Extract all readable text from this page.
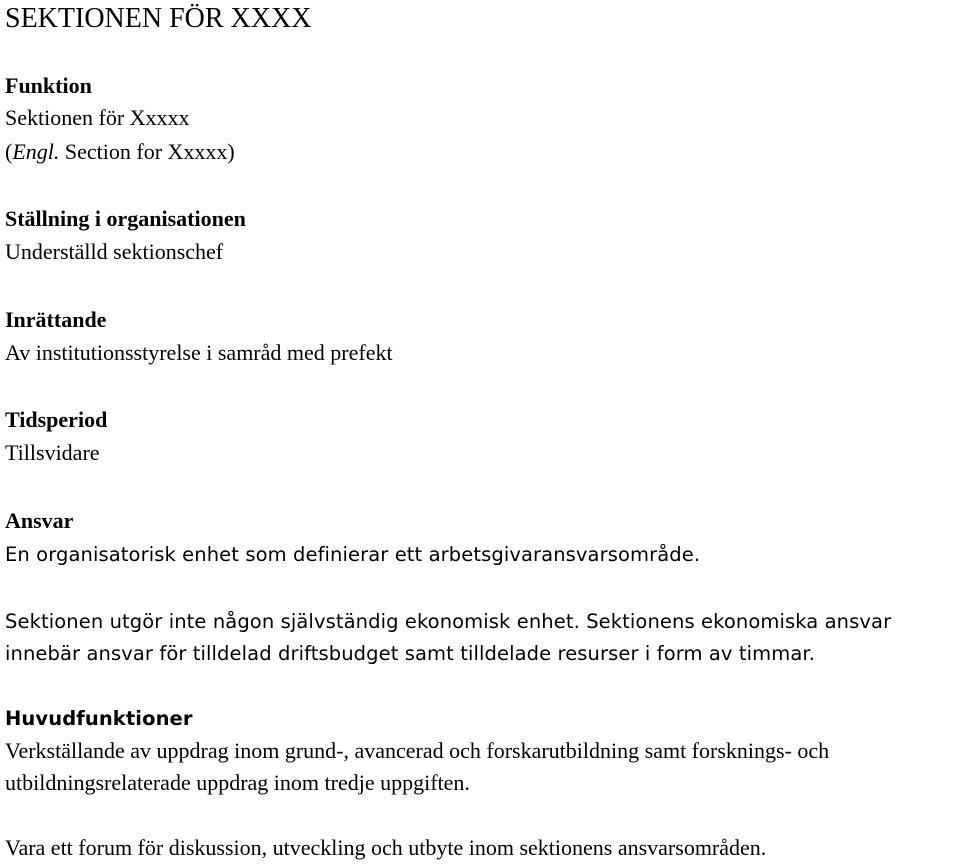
SEKTIONEN FÖR XXXX
Funktion
Sektionen för Xxxxx
(Engl. Section for Xxxxx)
Ställning i organisationen
Underställd sektionschef
Inrättande
Av institutionsstyrelse i samråd med prefekt
Tidsperiod
Tillsvidare
Ansvar
En organisatorisk enhet som definierar ett arbetsgivaransvarsområde.
Sektionen utgör inte någon självständig ekonomisk enhet. Sektionens ekonomiska ansvar
innebär ansvar för tilldelad driftsbudget samt tilldelade resurser i form av timmar.
Huvudfunktioner
Verkställande av uppdrag inom grund-, avancerad och forskarutbildning samt forsknings- och
utbildningsrelaterade uppdrag inom tredje uppgiften.
Vara ett forum för diskussion, utveckling och utbyte inom sektionens ansvarsområden.
